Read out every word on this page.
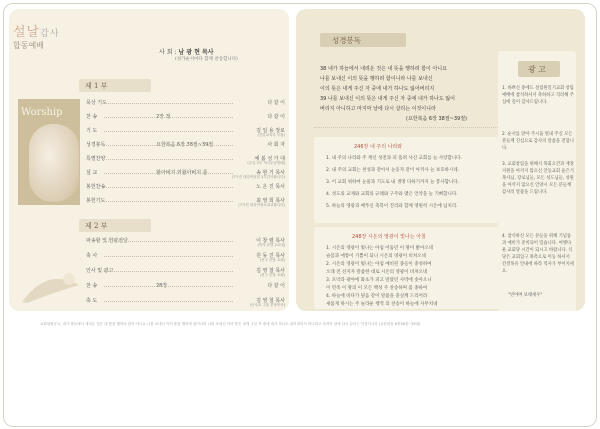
설날감사
합동예배
사 회 : 남 광 현 목사
(성가순서마다 함께 찬송합니다)
Worship
제 1 부
묵상 기도	다 같 이
찬 송	2장 정	다 같 이
기 도	김 일 용 장로
(신앙교육부 부장)
성경봉독	요한복음 6장 38절~39절	사 회 자
특별찬양	예 봄 성 가 대
(주일 2부 석사무남연배)
설 교	할아버지 외할아버지 품	송 현 기 목사
(7가진 대강여성년 2부감사합니다)
봉헌찬송	노 은 진 목사
봉헌기도	최 영 희 목사
(7가진 대강여성소설교합니다)
제 2 부
파송할 및 헌판전달	이 창 렬 목사
(목자 본당 2교대)
축 사	원 동 진 목사
(선구 본당 교회)
인사 및 광고	김 영 철 목사
(선구 본당 교회)
찬 송	28장	다 같 이
축 도	김 영 철 목사
(인사교 그룹 본당목사)
성경봉독
38 내가 하늘에서 내려온 것은 내 뜻을 행하려 함이 아니요
나를 보내신 이의 뜻을 행하려 함이니라 나를 보내신
이의 뜻은 내게 주신 자 중에 내가 하나도 잃어버리지
39 나를 보내신 이의 뜻은 내게 주신 자 중에 내가 하나도 잃어
버리지 아니하고 마지막 날에 다시 살리는 이것이니라
(요한복음 6장 38절~39절)
246장 내 주의 나라와
1. 내 주의 나라와 주 계신 성전과 피 흘려 사신 교회를 늘 사랑합니다.
2. 내 주의 교회는 천성과 같아서 눈동자 같이 아끼사 늘 보호하시네.
3. 이 교회 위하여 눈물과 기도로 내 생명 다하기까지 늘 봉사합니다.
4. 성도의 교제와 교회의 규례와 구주와 맺은 언약을 늘 기뻐합니다.
5. 하늘의 영광과 베푸신 축복이 진리와 함께 영원히 시온에 넘치리.
248장 시온의 영광이 빛나는 아침
1. 시온의 영광이 빛나는 아침 어둠던 이 땅이 밝아오네
슬픔과 애통이 기쁨이 되니 시온의 영광이 비쳐오네
2. 시온의 영광이 빛나는 아침 예비된 종들이 충성하여
오래 전 선지자 말씀한 대로 시온의 영광이 비쳐오네
3. 포악과 광야에 화초가 피고 말랐던 사막에 솟아오니
이 민족 이 땅의 이 모든 백성 주 찬송하며 몸 종하여
4. 하늘에 바다가 덮음 같이 말씀을 충실케 드리어라
새롭게 하시는 주 놀라운 행적 의 찬송이 하늘에 사무치네
광 고
1. 바쁘신 중에도 설립원일기교회 창립예배에 참석하셔서 축하하고 격려해 주심에 깊이 감사드립니다.
2. 순서를 맡아 주시옵 빛내 주신 모든 분들께 진심으로 감사의 말씀을 전합니다.
3. 교회창립을 위해서 목회요건과 재정지원을 아끼지 않으신 안동교회 윤은기 목사님, 장로님들, 모든 성도님들, 성원을 아끼지 않으신 안양시 모든 분들께 감사의 말씀을 드립니다.
4. 참석하신 모든 분들을 위해 기념품과 예비가 준비되어 있습니다. 여행다운 교회당 시간이 되시고 바랍니다. 식당은 교회입구 좌측으로 이동 하셔서 간결목유 안내에 따라 역사가 부어지세요.
"빈야며 보태세우"
교회설립공고, 내가 하늘에서 내려온 것은 내 뜻을 행하려 함이 아니요 나를 보내신 이의 뜻을 행하려 함이니라 나를 보내신 이의 뜻은 내게 주신 자 중에 내가 하나도 잃어버리지 아니하고 마지막 날에 다시 살리는 이것이니라 (요한복음 6장38절~39절)
